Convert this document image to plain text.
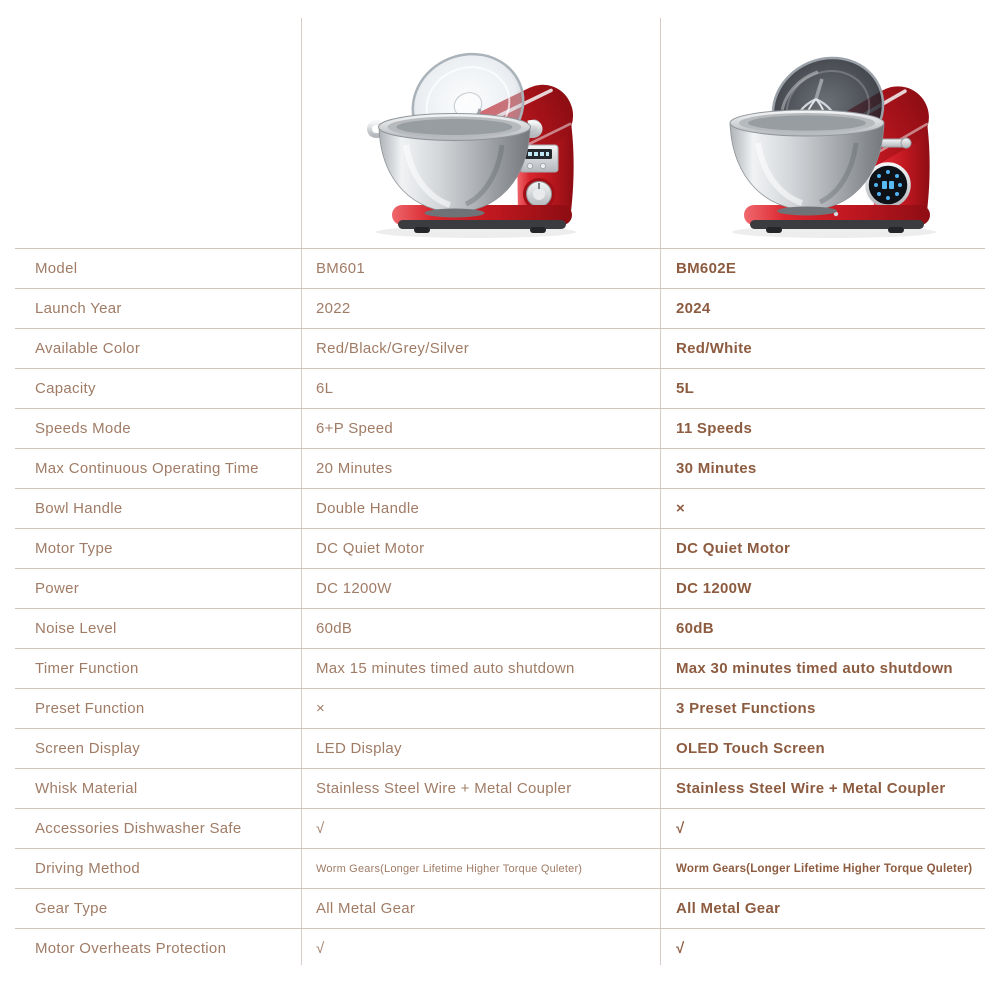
Model	BM601	BM602E
Launch Year	2022	2024
Available Color	Red/Black/Grey/Silver	Red/White
Capacity	6L	5L
Speeds Mode	6+P Speed	11 Speeds
Max Continuous Operating Time	20 Minutes	30 Minutes
Bowl Handle	Double Handle	×
Motor Type	DC Quiet Motor	DC Quiet Motor
Power	DC 1200W	DC 1200W
Noise Level	60dB	60dB
Timer Function	Max 15 minutes timed auto shutdown	Max 30 minutes timed auto shutdown
Preset Function	×	3 Preset Functions
Screen Display	LED Display	OLED Touch Screen
Whisk Material	Stainless Steel Wire + Metal Coupler	Stainless Steel Wire + Metal Coupler
Accessories Dishwasher Safe	√	√
Driving Method	Worm Gears(Longer Lifetime Higher Torque Quleter)	Worm Gears(Longer Lifetime Higher Torque Quleter)
Gear Type	All Metal Gear	All Metal Gear
Motor Overheats Protection	√	√
